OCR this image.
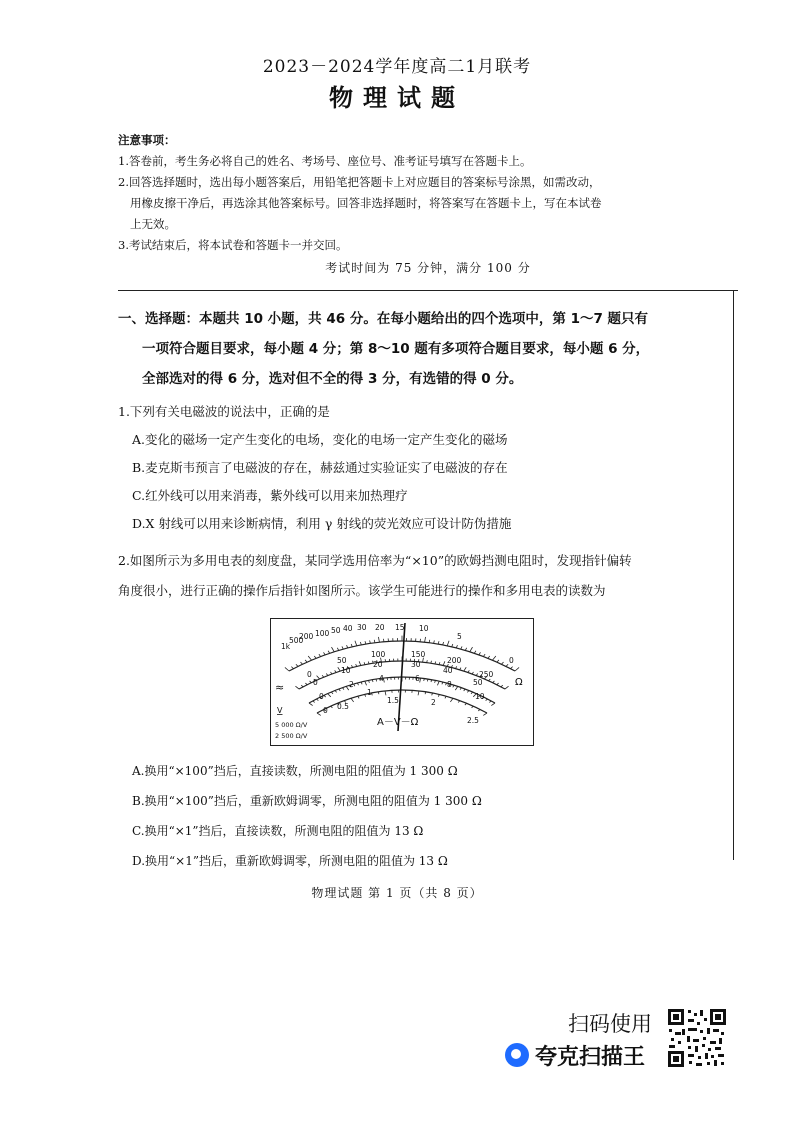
2023－2024学年度高二1月联考
物理试题
注意事项：
1.答卷前，考生务必将自己的姓名、考场号、座位号、准考证号填写在答题卡上。
2.回答选择题时，选出每小题答案后，用铅笔把答题卡上对应题目的答案标号涂黑，如需改动，
用橡皮擦干净后，再选涂其他答案标号。回答非选择题时，将答案写在答题卡上，写在本试卷
上无效。
3.考试结束后，将本试卷和答题卡一并交回。
考试时间为 75 分钟，满分 100 分
一、选择题：本题共 10 小题，共 46 分。在每小题给出的四个选项中，第 1～7 题只有
一项符合题目要求，每小题 4 分；第 8～10 题有多项符合题目要求，每小题 6 分，
全部选对的得 6 分，选对但不全的得 3 分，有选错的得 0 分。
1.下列有关电磁波的说法中，正确的是
A.变化的磁场一定产生变化的电场，变化的电场一定产生变化的磁场
B.麦克斯韦预言了电磁波的存在，赫兹通过实验证实了电磁波的存在
C.红外线可以用来消毒，紫外线可以用来加热理疗
D.X 射线可以用来诊断病情，利用 γ 射线的荧光效应可设计防伪措施
2.如图所示为多用电表的刻度盘，某同学选用倍率为“×10”的欧姆挡测电阻时，发现指针偏转
角度很小，进行正确的操作后指针如图所示。该学生可能进行的操作和多用电表的读数为
1k
500
200 100 50 40 30 20 15 10
5
0
Ω
0
50
100	150
200
250
0
10
20	30
40
50
0
2
4	6
8
10
0 0.5
1
1.5	2
2.5
≈
V
A－V－Ω
5 000 Ω/V
2 500 Ω/V
A.换用“×100”挡后，直接读数，所测电阻的阻值为 1 300 Ω
B.换用“×100”挡后，重新欧姆调零，所测电阻的阻值为 1 300 Ω
C.换用“×1”挡后，直接读数，所测电阻的阻值为 13 Ω
D.换用“×1”挡后，重新欧姆调零，所测电阻的阻值为 13 Ω
物理试题 第 1 页（共 8 页）
扫码使用
夸克扫描王
